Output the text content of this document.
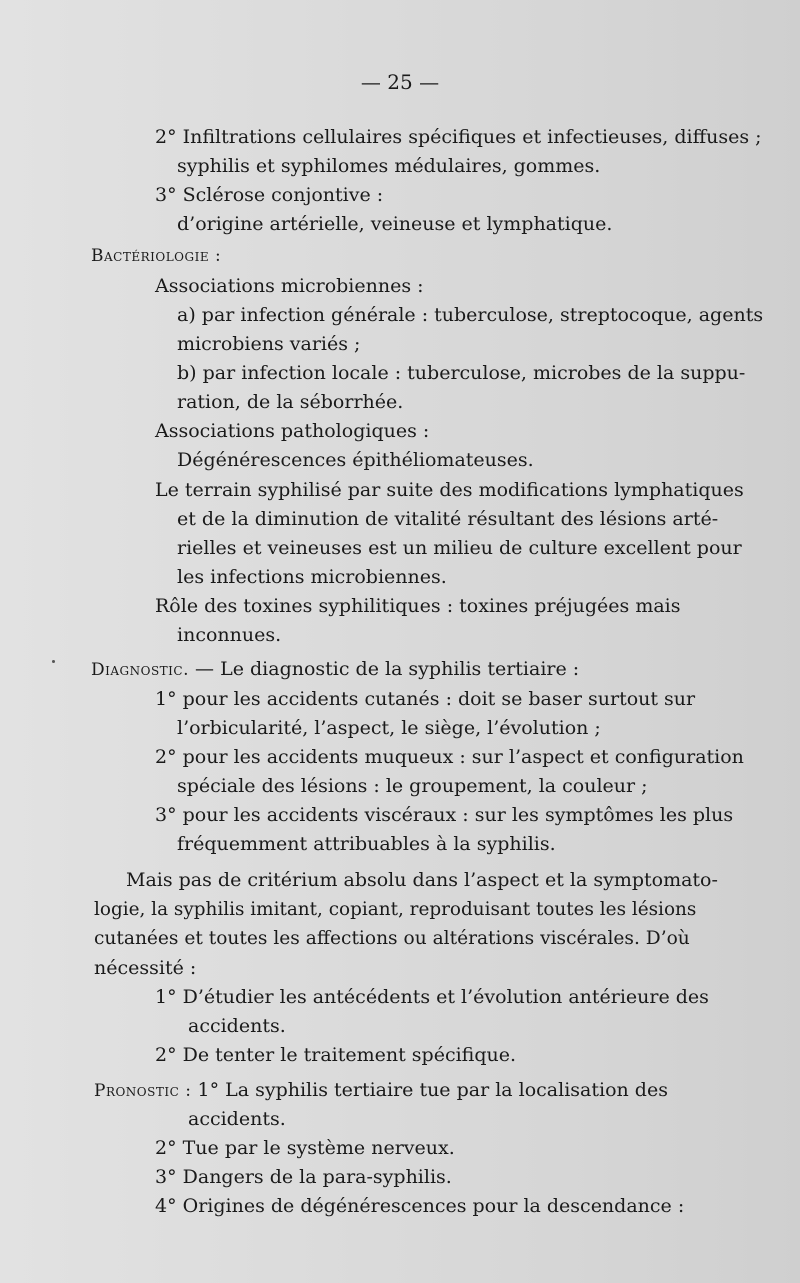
— 25 —
2° Infiltrations cellulaires spécifiques et infectieuses, diffuses ;
syphilis et syphilomes médulaires, gommes.
3° Sclérose conjontive :
d’origine artérielle, veineuse et lymphatique.
Bactériologie :
Associations microbiennes :
a) par infection générale : tuberculose, streptocoque, agents
microbiens variés ;
b) par infection locale : tuberculose, microbes de la suppu-
ration, de la séborrhée.
Associations pathologiques :
Dégénérescences épithéliomateuses.
Le terrain syphilisé par suite des modifications lymphatiques
et de la diminution de vitalité résultant des lésions arté-
rielles et veineuses est un milieu de culture excellent pour
les infections microbiennes.
Rôle des toxines syphilitiques : toxines préjugées mais
inconnues.
Diagnostic. — Le diagnostic de la syphilis tertiaire :
1° pour les accidents cutanés : doit se baser surtout sur
l’orbicularité, l’aspect, le siège, l’évolution ;
2° pour les accidents muqueux : sur l’aspect et configuration
spéciale des lésions : le groupement, la couleur ;
3° pour les accidents viscéraux : sur les symptômes les plus
fréquemment attribuables à la syphilis.
Mais pas de critérium absolu dans l’aspect et la symptomato-
logie, la syphilis imitant, copiant, reproduisant toutes les lésions
cutanées et toutes les affections ou altérations viscérales. D’où
nécessité :
1° D’étudier les antécédents et l’évolution antérieure des
accidents.
2° De tenter le traitement spécifique.
Pronostic : 1° La syphilis tertiaire tue par la localisation des
accidents.
2° Tue par le système nerveux.
3° Dangers de la para-syphilis.
4° Origines de dégénérescences pour la descendance :
